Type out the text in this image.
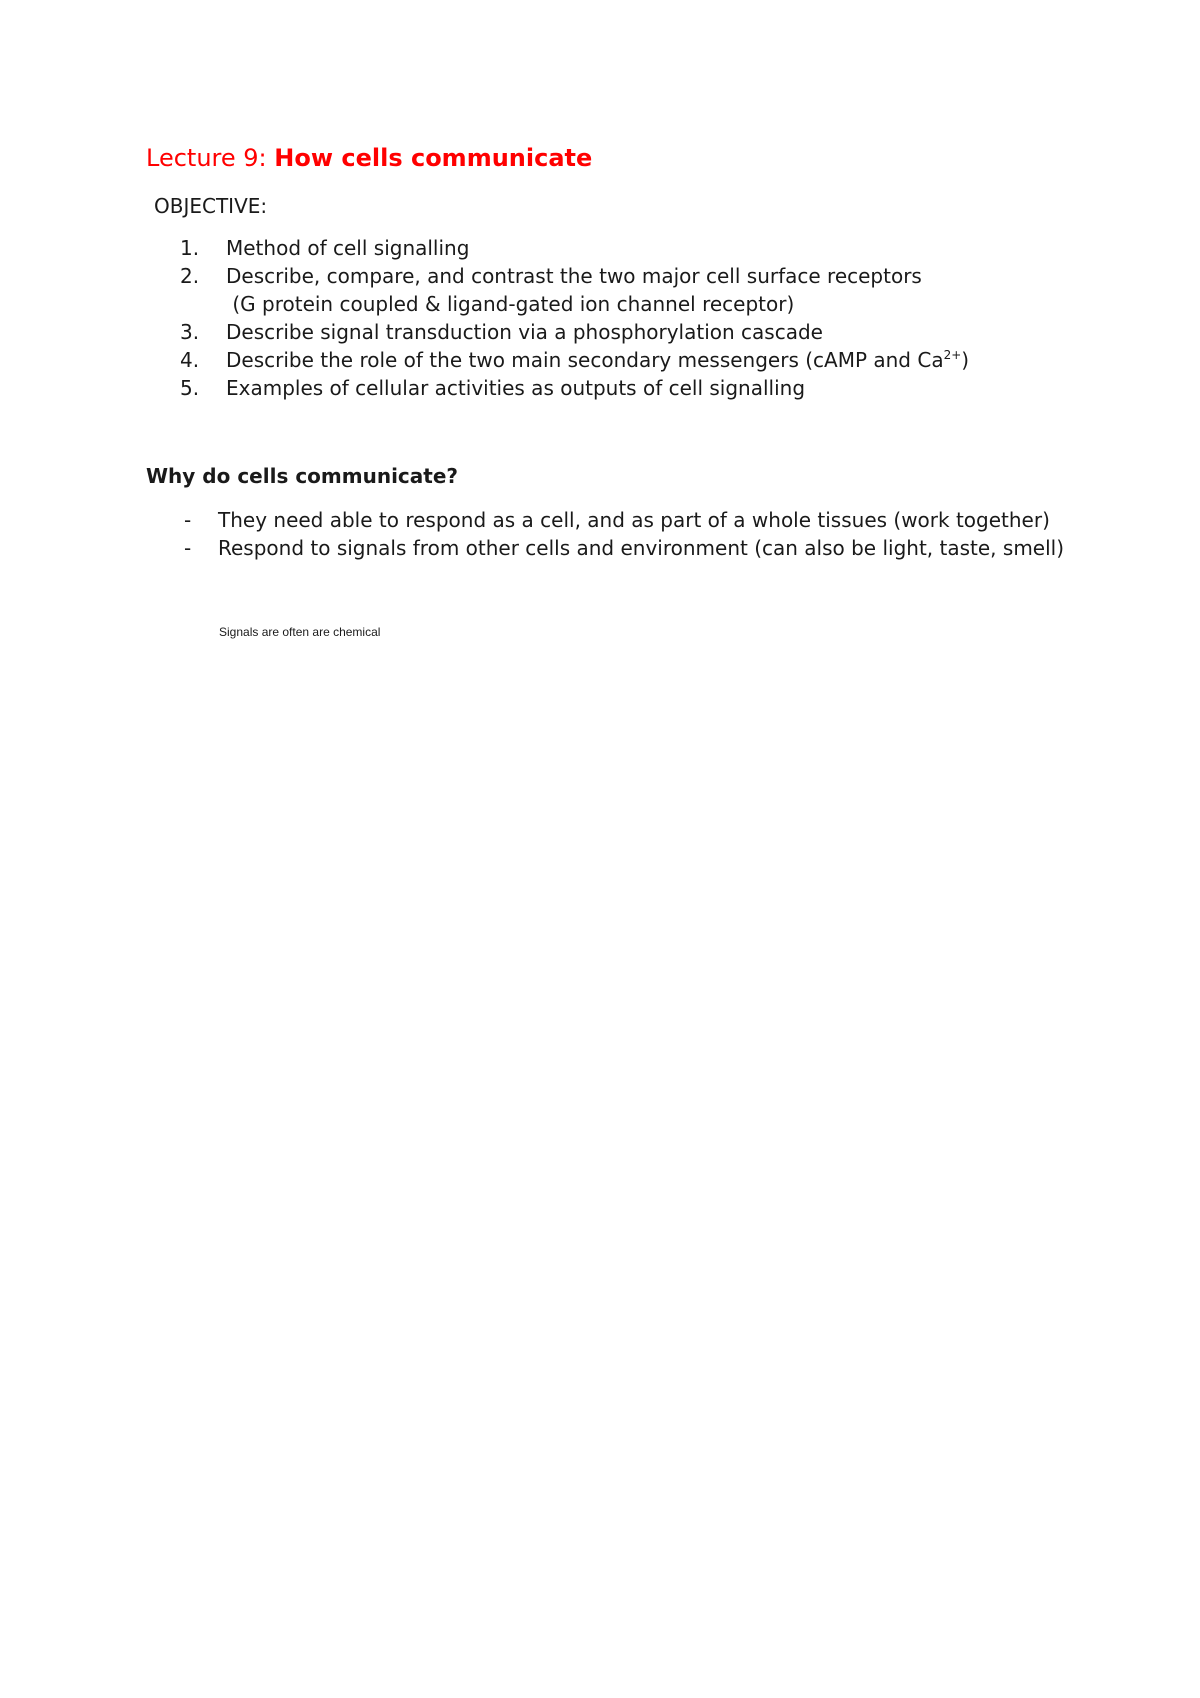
Lecture 9: How cells communicate
OBJECTIVE:
1.	Method of cell signalling
2.	Describe, compare, and contrast the two major cell surface receptors
(G protein coupled & ligand-gated ion channel receptor)
3.	Describe signal transduction via a phosphorylation cascade
4.	Describe the role of the two main secondary messengers (cAMP and $Ca^{2+}$)
5.	Examples of cellular activities as outputs of cell signalling
Why do cells communicate?
- They need able to respond as a cell, and as part of a whole tissues (work together)
- Respond to signals from other cells and environment (can also be light, taste, smell)
Signals are often are chemical
